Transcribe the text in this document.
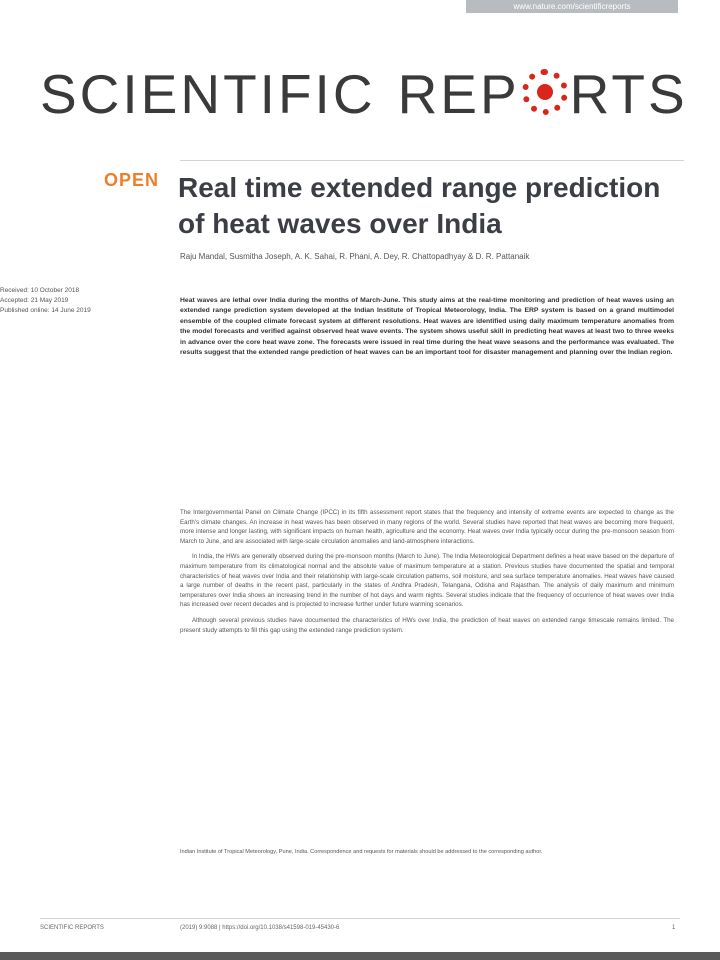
www.nature.com/scientificreports
SCIENTIFIC REP RTS
OPEN Real time extended range prediction of heat waves over India
Raju Mandal, Susmitha Joseph, A. K. Sahai, R. Phani, A. Dey, R. Chattopadhyay & D. R. Pattanaik
Received: 10 October 2018
Accepted: 21 May 2019
Published online: 14 June 2019

Heat waves are lethal over India during the months of March-June. This study aims at the real-time monitoring and prediction of heat waves using an extended range prediction system developed at the Indian Institute of Tropical Meteorology, India. The ERP system is based on a grand multimodel ensemble of the coupled climate forecast system at different resolutions. Heat waves are identified using daily maximum temperature anomalies from the model forecasts and verified against observed heat wave events. The system shows useful skill in predicting heat waves at least two to three weeks in advance over the core heat wave zone. The forecasts were issued in real time during the heat wave seasons and the performance was evaluated. The results suggest that the extended range prediction of heat waves can be an important tool for disaster management and planning over the Indian region.

The Intergovernmental Panel on Climate Change (IPCC) in its fifth assessment report states that the frequency and intensity of extreme events are expected to change as the Earth's climate changes. An increase in heat waves has been observed in many regions of the world. Several studies have reported that heat waves are becoming more frequent, more intense and longer lasting, with significant impacts on human health, agriculture and the economy. Heat waves over India typically occur during the pre-monsoon season from March to June, and are associated with large-scale circulation anomalies and land-atmosphere interactions.

In India, the HWs are generally observed during the pre-monsoon months (March to June). The India Meteorological Department defines a heat wave based on the departure of maximum temperature from its climatological normal and the absolute value of maximum temperature at a station. Previous studies have documented the spatial and temporal characteristics of heat waves over India and their relationship with large-scale circulation patterns, soil moisture, and sea surface temperature anomalies. Heat waves have caused a large number of deaths in the recent past, particularly in the states of Andhra Pradesh, Telangana, Odisha and Rajasthan. The analysis of daily maximum and minimum temperatures over India shows an increasing trend in the number of hot days and warm nights. Several studies indicate that the frequency of occurrence of heat waves over India has increased over recent decades and is projected to increase further under future warming scenarios.

Although several previous studies have documented the characteristics of HWs over India, the prediction of heat waves on extended range timescale remains limited. The present study attempts to fill this gap using the extended range prediction system.

Indian Institute of Tropical Meteorology, Pune, India. Correspondence and requests for materials should be addressed to the corresponding author.

SCIENTIFIC REPORTS	(2019) 9:9088 | https://doi.org/10.1038/s41598-019-45430-6	1
